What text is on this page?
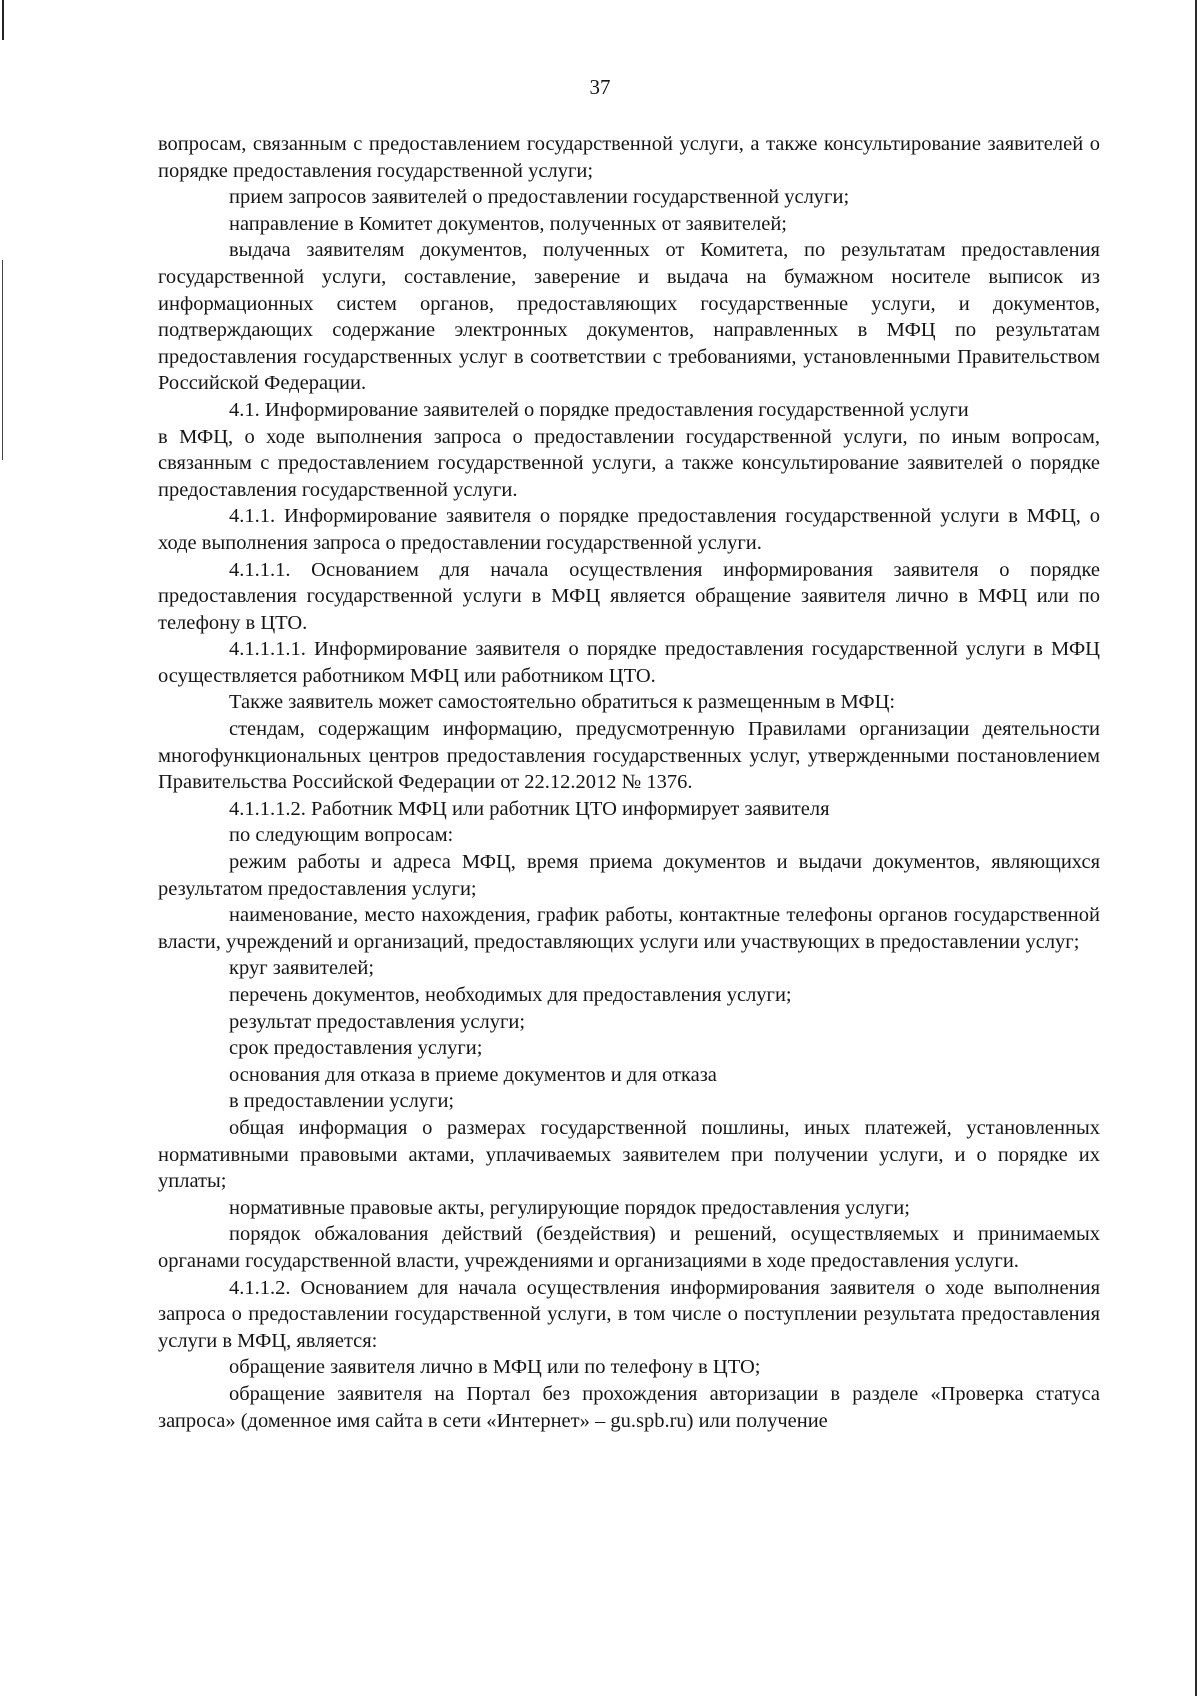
37

вопросам, связанным с предоставлением государственной услуги, а также консультирование заявителей о порядке предоставления государственной услуги;

прием запросов заявителей о предоставлении государственной услуги;

направление в Комитет документов, полученных от заявителей;

выдача заявителям документов, полученных от Комитета, по результатам предоставления государственной услуги, составление, заверение и выдача на бумажном носителе выписок из информационных систем органов, предоставляющих государственные услуги, и документов, подтверждающих содержание электронных документов, направленных в МФЦ по результатам предоставления государственных услуг в соответствии с требованиями, установленными Правительством Российской Федерации.

4.1. Информирование заявителей о порядке предоставления государственной услуги

в МФЦ, о ходе выполнения запроса о предоставлении государственной услуги, по иным вопросам, связанным с предоставлением государственной услуги, а также консультирование заявителей о порядке предоставления государственной услуги.

4.1.1. Информирование заявителя о порядке предоставления государственной услуги в МФЦ, о ходе выполнения запроса о предоставлении государственной услуги.

4.1.1.1. Основанием для начала осуществления информирования заявителя о порядке предоставления государственной услуги в МФЦ является обращение заявителя лично в МФЦ или по телефону в ЦТО.

4.1.1.1.1. Информирование заявителя о порядке предоставления государственной услуги в МФЦ осуществляется работником МФЦ или работником ЦТО.

Также заявитель может самостоятельно обратиться к размещенным в МФЦ:

стендам, содержащим информацию, предусмотренную Правилами организации деятельности многофункциональных центров предоставления государственных услуг, утвержденными постановлением Правительства Российской Федерации от 22.12.2012 № 1376.

4.1.1.1.2. Работник МФЦ или работник ЦТО информирует заявителя

по следующим вопросам:

режим работы и адреса МФЦ, время приема документов и выдачи документов, являющихся результатом предоставления услуги;

наименование, место нахождения, график работы, контактные телефоны органов государственной власти, учреждений и организаций, предоставляющих услуги или участвующих в предоставлении услуг;

круг заявителей;

перечень документов, необходимых для предоставления услуги;

результат предоставления услуги;

срок предоставления услуги;

основания для отказа в приеме документов и для отказа

в предоставлении услуги;

общая информация о размерах государственной пошлины, иных платежей, установленных нормативными правовыми актами, уплачиваемых заявителем при получении услуги, и о порядке их уплаты;

нормативные правовые акты, регулирующие порядок предоставления услуги;

порядок обжалования действий (бездействия) и решений, осуществляемых и принимаемых органами государственной власти, учреждениями и организациями в ходе предоставления услуги.

4.1.1.2. Основанием для начала осуществления информирования заявителя о ходе выполнения запроса о предоставлении государственной услуги, в том числе о поступлении результата предоставления услуги в МФЦ, является:

обращение заявителя лично в МФЦ или по телефону в ЦТО;

обращение заявителя на Портал без прохождения авторизации в разделе «Проверка статуса запроса» (доменное имя сайта в сети «Интернет» – gu.spb.ru) или получение
